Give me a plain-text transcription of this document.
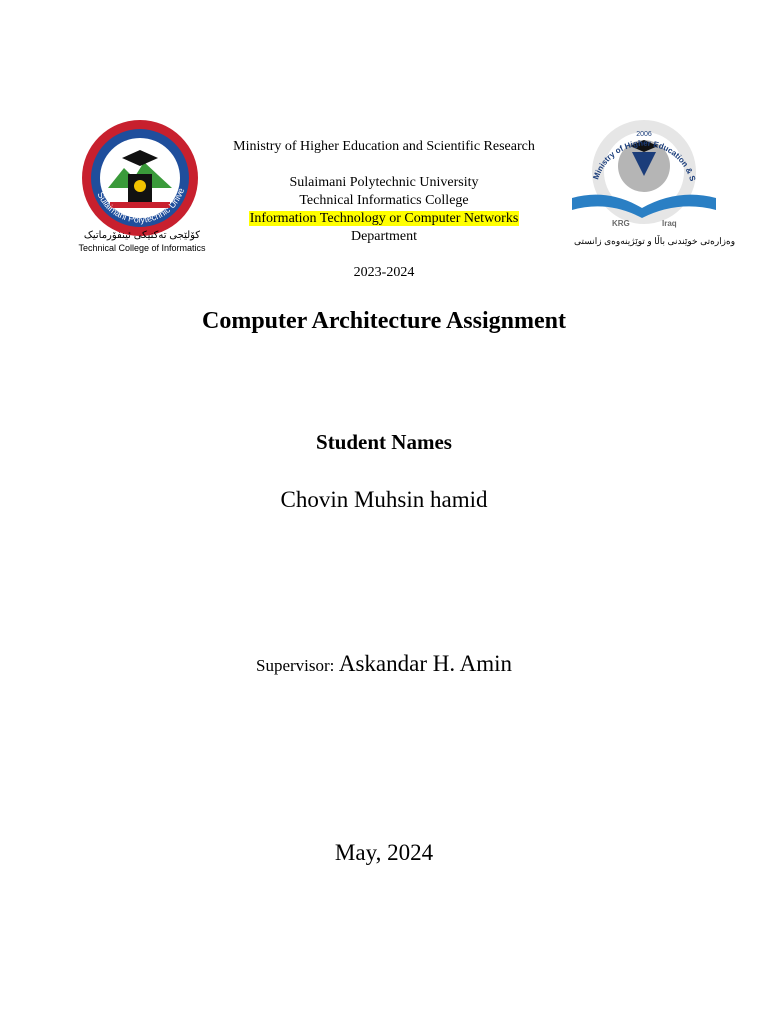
Sulaimani Polytechnic Unive
کۆلێجی تەکنیکی ئینفۆرماتیک
Technical College of Informatics
Ministry of Higher Education and Scientific Research
Sulaimani Polytechnic University
Technical Informatics College
Information Technology or Computer Networks
Department
2023-2024
Ministry of Higher Education & S
2006
KRG	Iraq
وەزارەتی خوێندنی باڵا و توێژینەوەی زانستی
Computer Architecture Assignment
Student Names
Chovin Muhsin hamid
Supervisor: Askandar H. Amin
May, 2024
